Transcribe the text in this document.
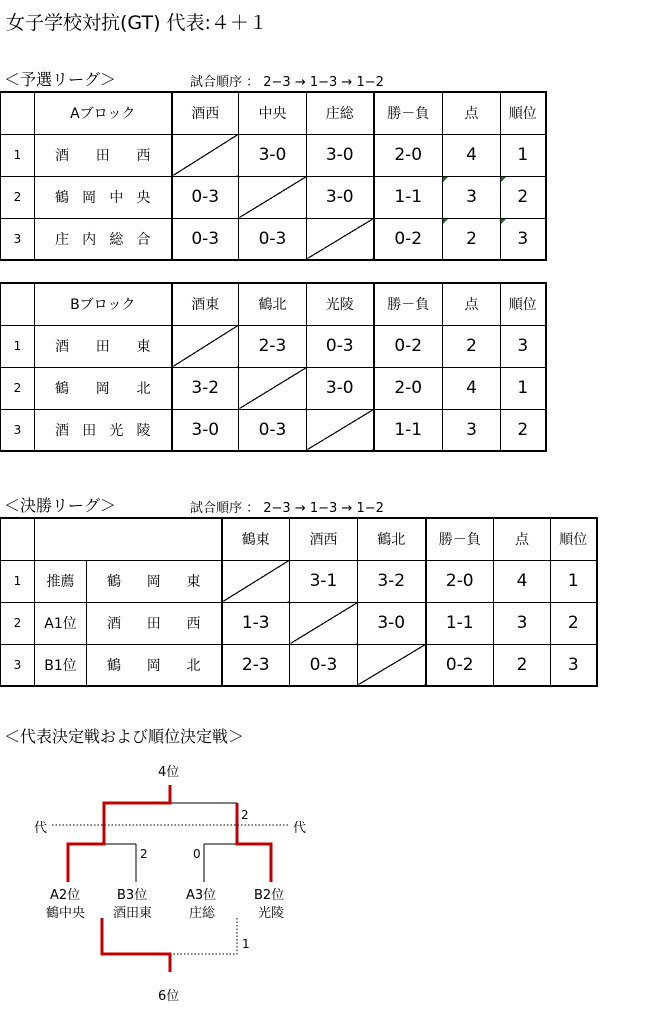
女子学校対抗(GT) 代表:４＋１
＜予選リーグ＞	試合順序 ： 2−3 → 1−3 → 1−2
	Aブロック	酒西	中央	庄総	勝－負	点	順位
1	酒 田 西		3-0	3-0	2-0	4	1
2	鶴 岡 中 央	0-3		3-0	1-1	3	2
3	庄 内 総 合	0-3	0-3		0-2	2	3
	Bブロック	酒東	鶴北	光陵	勝－負	点	順位
1	酒 田 東		2-3	0-3	0-2	2	3
2	鶴 岡 北	3-2		3-0	2-0	4	1
3	酒 田 光 陵	3-0	0-3		1-1	3	2
＜決勝リーグ＞	試合順序 ： 2−3 → 1−3 → 1−2
			鶴東	酒西	鶴北	勝－負	点	順位
1	推薦	鶴 岡 東		3-1	3-2	2-0	4	1
2	A1位	酒 田 西	1-3		3-0	1-1	3	2
3	B1位	鶴 岡 北	2-3	0-3		0-2	2	3
＜代表決定戦および順位決定戦＞
4位
6位
代	代
2
2	0
1
A2位
鶴中央
B3位
酒田東
A3位
庄総
B2位
光陵
